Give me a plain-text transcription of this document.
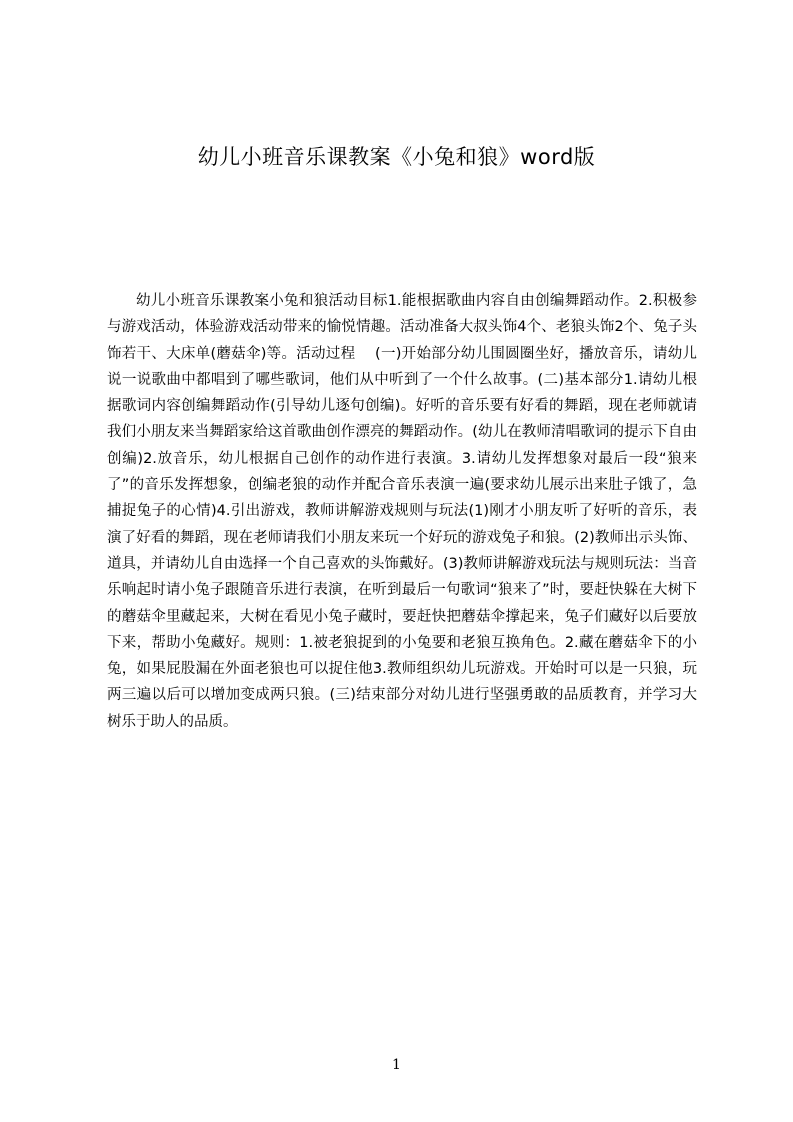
幼儿小班音乐课教案《小兔和狼》word版

幼儿小班音乐课教案小兔和狼活动目标1.能根据歌曲内容自由创编舞蹈动作。2.积极参与游戏活动，体验游戏活动带来的愉悦情趣。活动准备大叔头饰4个、老狼头饰2个、兔子头饰若干、大床单(蘑菇伞)等。活动过程　 (一)开始部分幼儿围圆圈坐好，播放音乐，请幼儿说一说歌曲中都唱到了哪些歌词，他们从中听到了一个什么故事。(二)基本部分1.请幼儿根据歌词内容创编舞蹈动作(引导幼儿逐句创编)。好听的音乐要有好看的舞蹈，现在老师就请我们小朋友来当舞蹈家给这首歌曲创作漂亮的舞蹈动作。(幼儿在教师清唱歌词的提示下自由创编)2.放音乐，幼儿根据自己创作的动作进行表演。3.请幼儿发挥想象对最后一段“狼来了”的音乐发挥想象，创编老狼的动作并配合音乐表演一遍(要求幼儿展示出来肚子饿了，急捕捉兔子的心情)4.引出游戏，教师讲解游戏规则与玩法(1)刚才小朋友听了好听的音乐，表演了好看的舞蹈，现在老师请我们小朋友来玩一个好玩的游戏兔子和狼。(2)教师出示头饰、道具，并请幼儿自由选择一个自己喜欢的头饰戴好。(3)教师讲解游戏玩法与规则玩法：当音乐响起时请小兔子跟随音乐进行表演，在听到最后一句歌词“狼来了”时，要赶快躲在大树下的蘑菇伞里藏起来，大树在看见小兔子藏时，要赶快把蘑菇伞撑起来，兔子们藏好以后要放下来，帮助小兔藏好。规则：1.被老狼捉到的小兔要和老狼互换角色。2.藏在蘑菇伞下的小兔，如果屁股漏在外面老狼也可以捉住他3.教师组织幼儿玩游戏。开始时可以是一只狼，玩两三遍以后可以增加变成两只狼。(三)结束部分对幼儿进行坚强勇敢的品质教育，并学习大树乐于助人的品质。

1
